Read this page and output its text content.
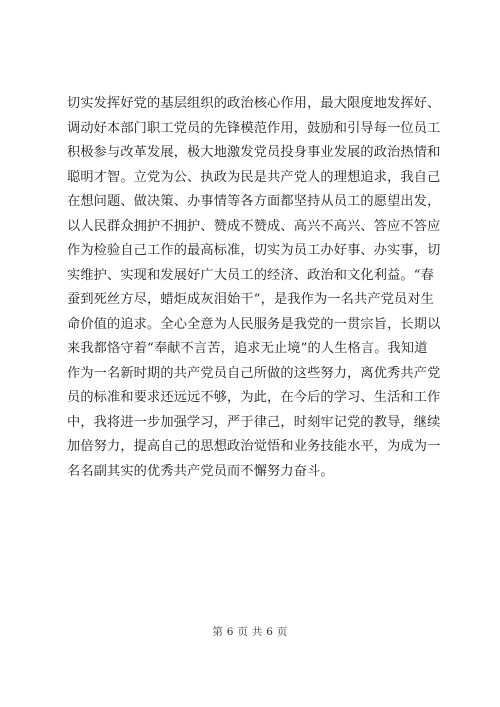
切实发挥好党的基层组织的政治核心作用，最大限度地发挥好、
调动好本部门职工党员的先锋模范作用，鼓励和引导每一位员工
积极参与改革发展，极大地激发党员投身事业发展的政治热情和
聪明才智。立党为公、执政为民是共产党人的理想追求，我自己
在想问题、做决策、办事情等各方面都坚持从员工的愿望出发，
以人民群众拥护不拥护、赞成不赞成、高兴不高兴、答应不答应
作为检验自己工作的最高标准，切实为员工办好事、办实事，切
实维护、实现和发展好广大员工的经济、政治和文化利益。“春
蚕到死丝方尽，蜡炬成灰泪始干”，是我作为一名共产党员对生
命价值的追求。全心全意为人民服务是我党的一贯宗旨，长期以
来我都恪守着“奉献不言苦，追求无止境”的人生格言。我知道
作为一名新时期的共产党员自己所做的这些努力，离优秀共产党
员的标准和要求还远远不够，为此，在今后的学习、生活和工作
中，我将进一步加强学习，严于律己，时刻牢记党的教导，继续
加倍努力，提高自己的思想政治觉悟和业务技能水平，为成为一
名名副其实的优秀共产党员而不懈努力奋斗。
第 6 页 共 6 页
